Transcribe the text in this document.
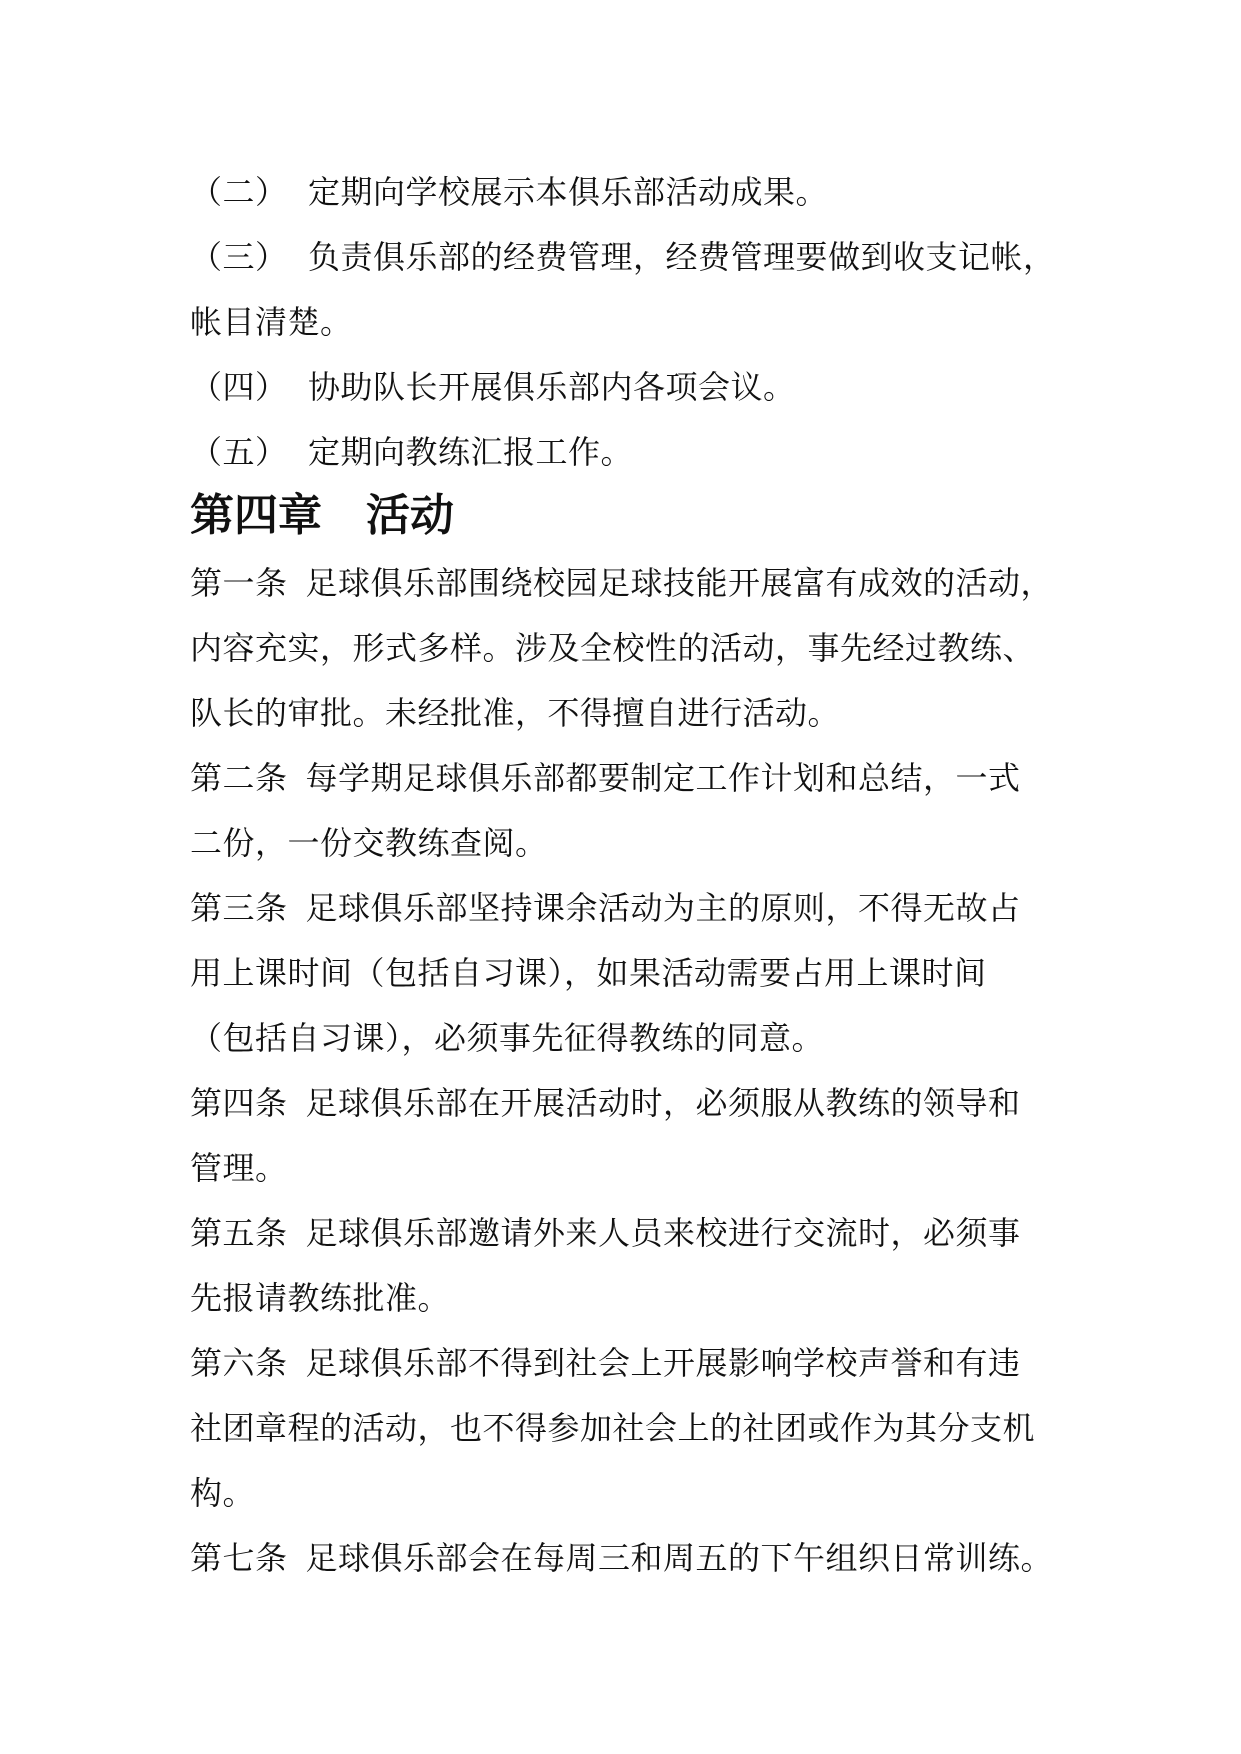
（二） 定期向学校展示本俱乐部活动成果。
（三） 负责俱乐部的经费管理，经费管理要做到收支记帐，
帐目清楚。
（四） 协助队长开展俱乐部内各项会议。
（五） 定期向教练汇报工作。
第四章 活动
第一条 足球俱乐部围绕校园足球技能开展富有成效的活动，
内容充实，形式多样。涉及全校性的活动，事先经过教练、
队长的审批。未经批准，不得擅自进行活动。
第二条 每学期足球俱乐部都要制定工作计划和总结，一式
二份，一份交教练查阅。
第三条 足球俱乐部坚持课余活动为主的原则，不得无故占
用上课时间（包括自习课），如果活动需要占用上课时间
（包括自习课），必须事先征得教练的同意。
第四条 足球俱乐部在开展活动时，必须服从教练的领导和
管理。
第五条 足球俱乐部邀请外来人员来校进行交流时，必须事
先报请教练批准。
第六条 足球俱乐部不得到社会上开展影响学校声誉和有违
社团章程的活动，也不得参加社会上的社团或作为其分支机
构。
第七条 足球俱乐部会在每周三和周五的下午组织日常训练。
